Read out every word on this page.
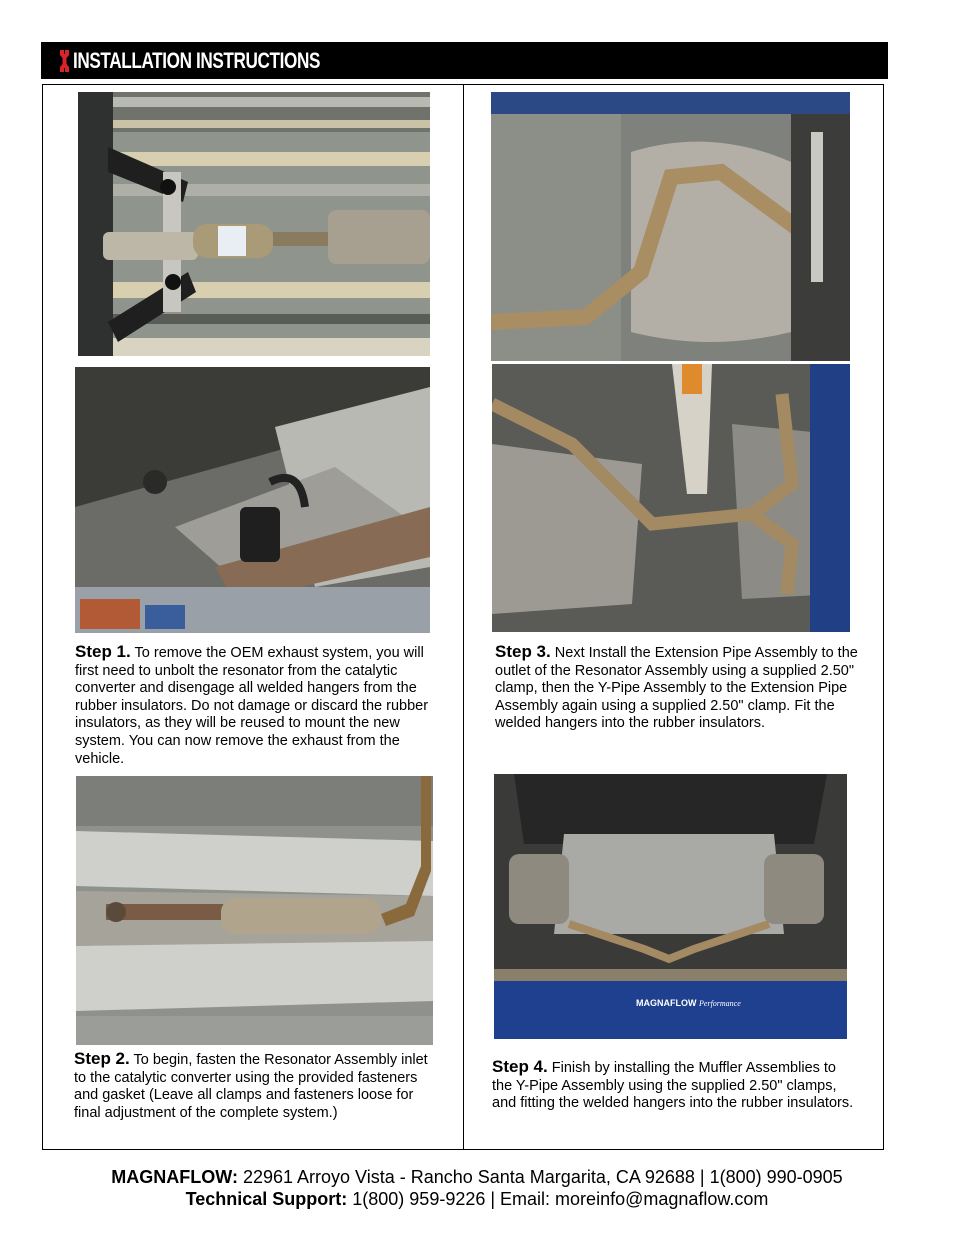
INSTALLATION INSTRUCTIONS
Step 1. To remove the OEM exhaust system, you will first need to unbolt the resonator from the catalytic converter and disengage all welded hangers from the rubber insulators. Do not damage or discard the rubber insulators, as they will be reused to mount the new system. You can now remove the exhaust from the vehicle.
Step 2. To begin, fasten the Resonator Assembly inlet to the catalytic converter using the provided fasteners and gasket (Leave all clamps and fasteners loose for final adjustment of the complete system.)
Step 3. Next Install the Extension Pipe Assembly to the outlet of the Resonator Assembly using a supplied 2.50" clamp, then the Y-Pipe Assembly to the Extension Pipe Assembly again using a supplied 2.50" clamp. Fit the welded hangers into the rubber insulators.
MAGNAFLOW Performance
Step 4. Finish by installing the Muffler Assemblies to the Y-Pipe Assembly using the supplied 2.50" clamps, and fitting the welded hangers into the rubber insulators.
MAGNAFLOW: 22961 Arroyo Vista - Rancho Santa Margarita, CA 92688 | 1(800) 990-0905
Technical Support: 1(800) 959-9226 | Email: moreinfo@magnaflow.com
